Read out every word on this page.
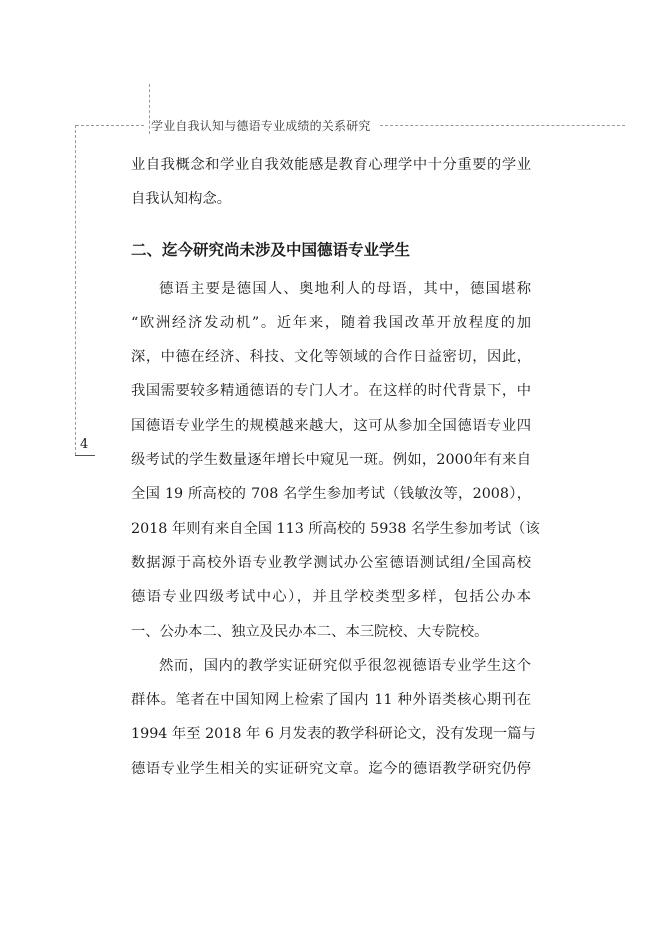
学业自我认知与德语专业成绩的关系研究
4
业自我概念和学业自我效能感是教育心理学中十分重要的学业
自我认知构念。
二、迄今研究尚未涉及中国德语专业学生
德语主要是德国人、奥地利人的母语，其中，德国堪称
“欧洲经济发动机”。近年来，随着我国改革开放程度的加
深，中德在经济、科技、文化等领域的合作日益密切，因此，
我国需要较多精通德语的专门人才。在这样的时代背景下，中
国德语专业学生的规模越来越大，这可从参加全国德语专业四
级考试的学生数量逐年增长中窥见一斑。例如，2000年有来自
全国 19 所高校的 708 名学生参加考试（钱敏汝等，2008），
2018 年则有来自全国 113 所高校的 5938 名学生参加考试（该
数据源于高校外语专业教学测试办公室德语测试组/全国高校
德语专业四级考试中心），并且学校类型多样，包括公办本
一、公办本二、独立及民办本二、本三院校、大专院校。
然而，国内的教学实证研究似乎很忽视德语专业学生这个
群体。笔者在中国知网上检索了国内 11 种外语类核心期刊在
1994 年至 2018 年 6 月发表的教学科研论文，没有发现一篇与
德语专业学生相关的实证研究文章。迄今的德语教学研究仍停
